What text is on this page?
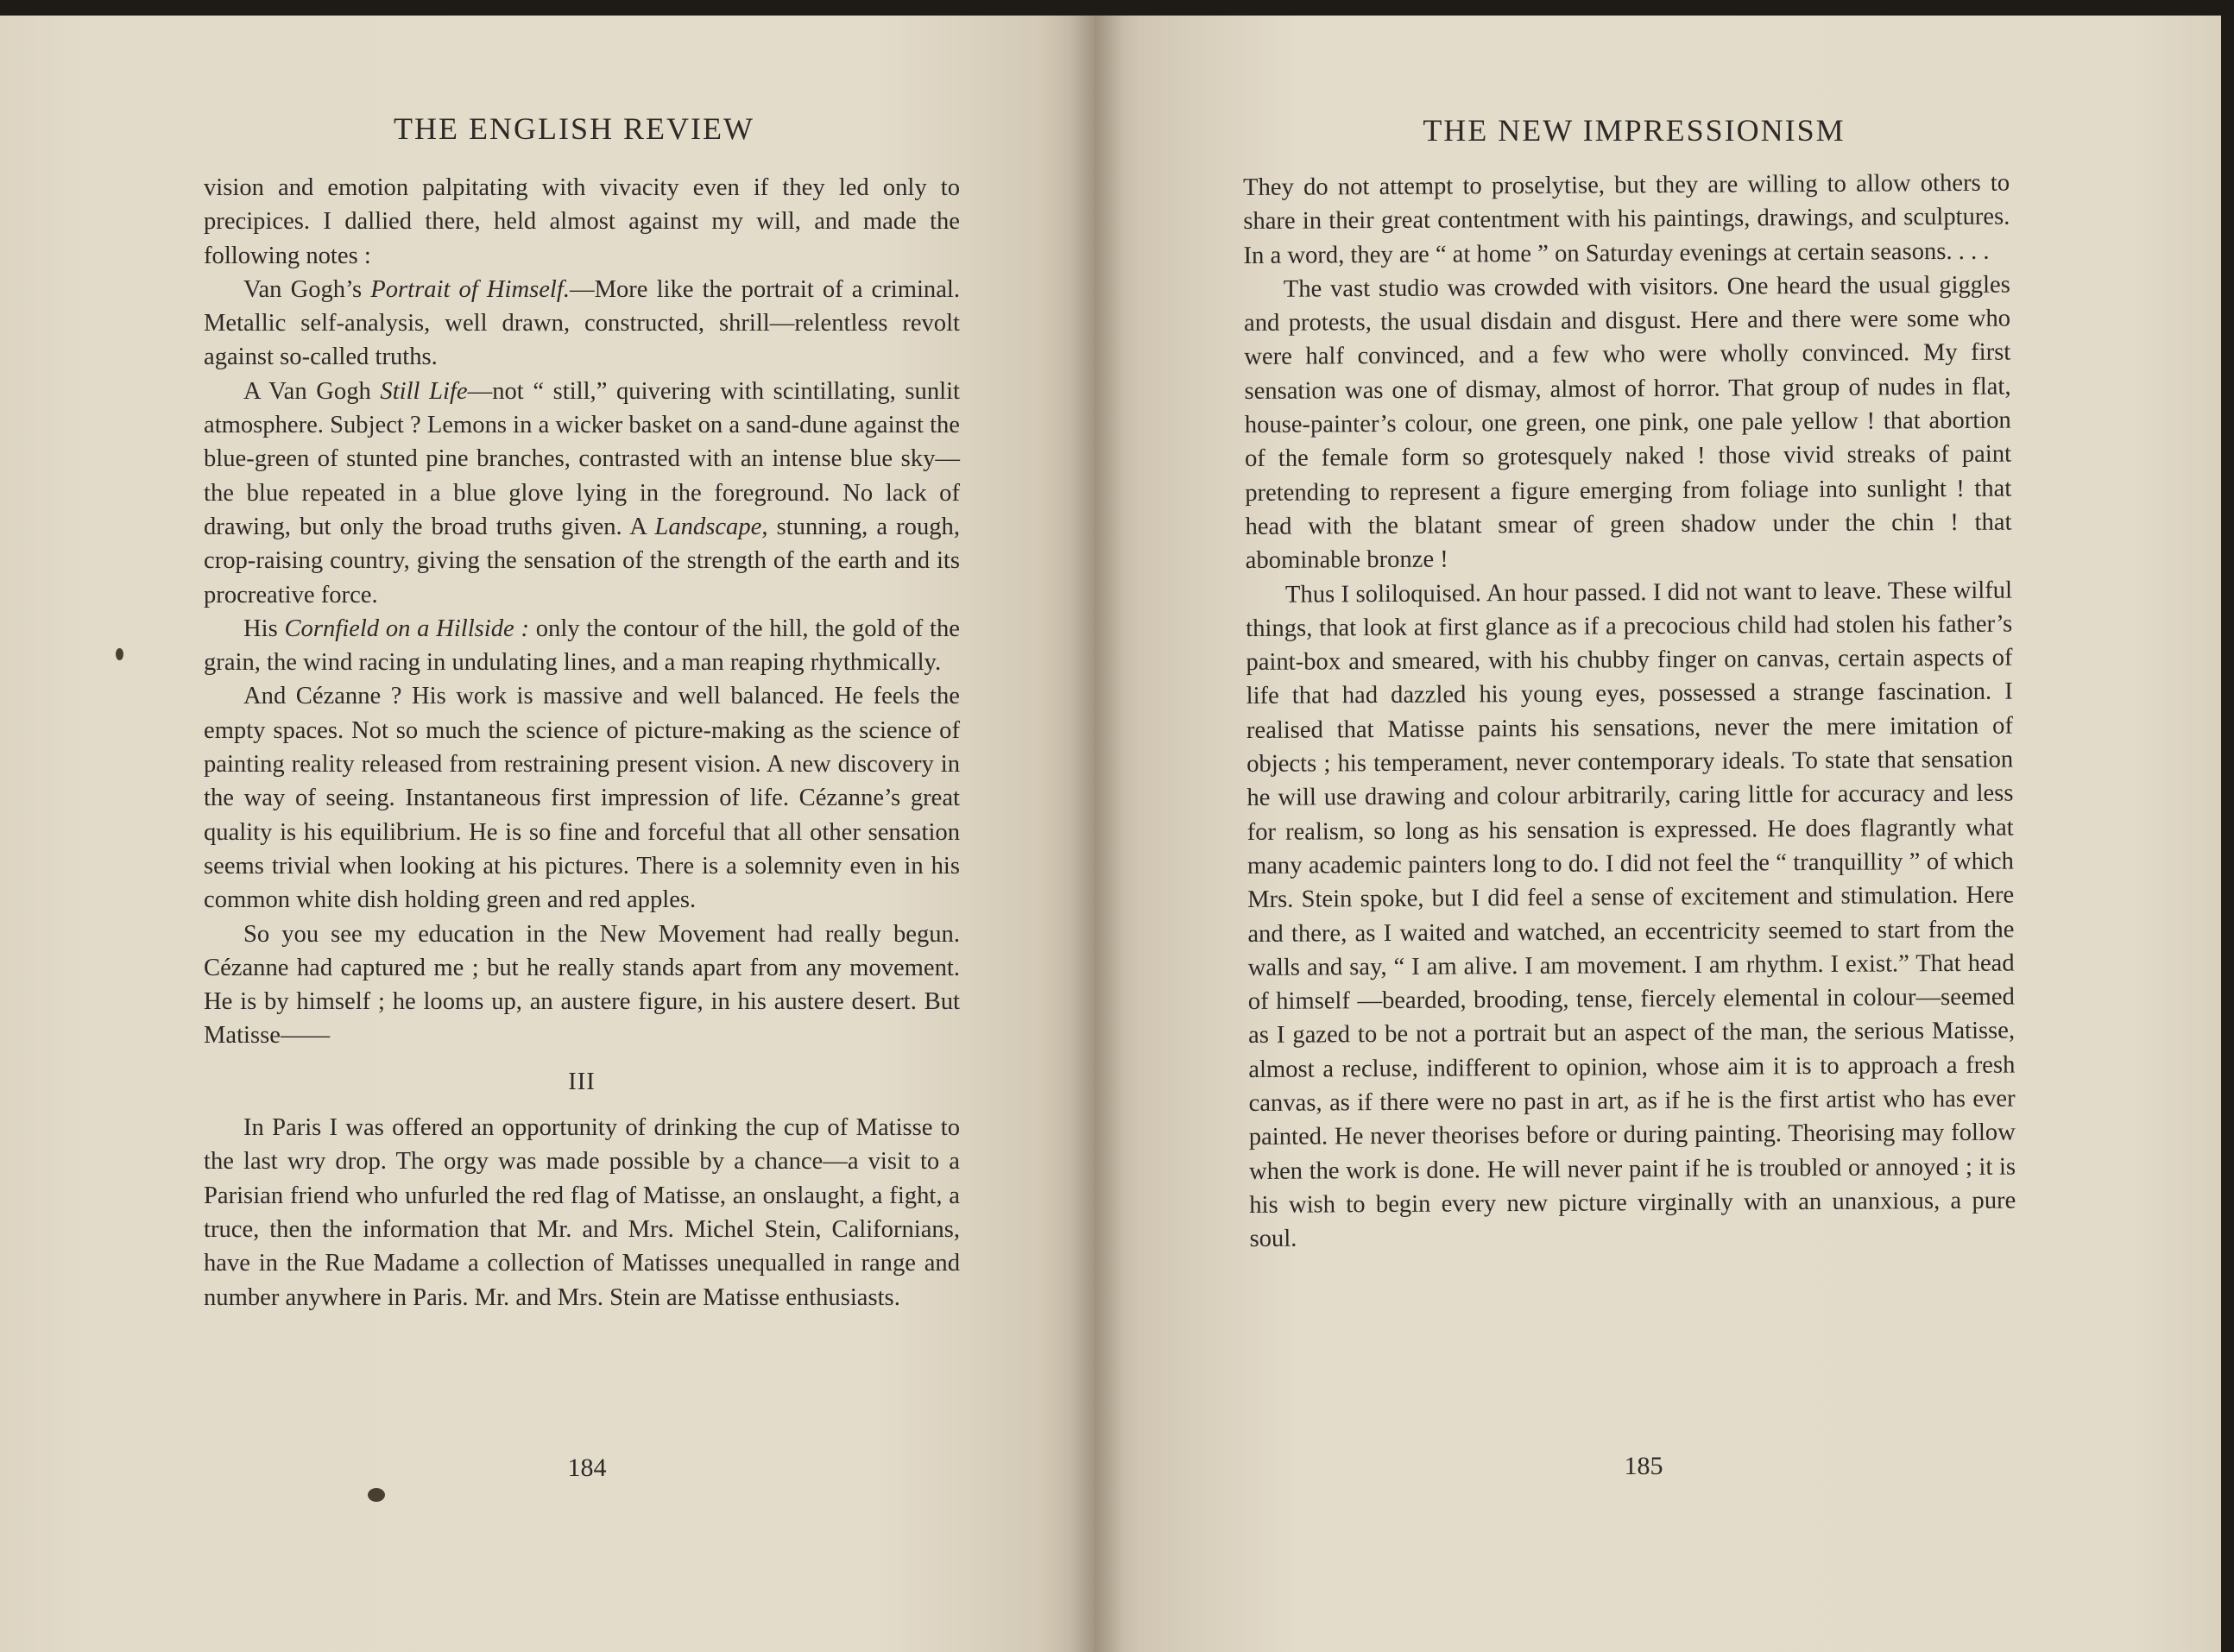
THE ENGLISH REVIEW

vision and emotion palpitating with vivacity even if they led only to precipices. I dallied there, held almost against my will, and made the following notes :

Van Gogh’s Portrait of Himself.—More like the portrait of a criminal. Metallic self-analysis, well drawn, constructed, shrill—relentless revolt against so-called truths.

A Van Gogh Still Life—not “ still,” quivering with scintillating, sunlit atmosphere. Subject ? Lemons in a wicker basket on a sand-dune against the blue-green of stunted pine branches, contrasted with an intense blue sky—the blue repeated in a blue glove lying in the foreground. No lack of drawing, but only the broad truths given. A Landscape, stunning, a rough, crop-raising country, giving the sensation of the strength of the earth and its procreative force.

His Cornfield on a Hillside : only the contour of the hill, the gold of the grain, the wind racing in undulating lines, and a man reaping rhythmically.

And Cézanne ? His work is massive and well balanced. He feels the empty spaces. Not so much the science of picture-making as the science of painting reality released from restraining present vision. A new discovery in the way of seeing. Instantaneous first impression of life. Cézanne’s great quality is his equilibrium. He is so fine and forceful that all other sensation seems trivial when looking at his pictures. There is a solemnity even in his common white dish holding green and red apples.

So you see my education in the New Movement had really begun. Cézanne had captured me ; but he really stands apart from any movement. He is by himself ; he looms up, an austere figure, in his austere desert. But Matisse——

III

In Paris I was offered an opportunity of drinking the cup of Matisse to the last wry drop. The orgy was made possible by a chance—a visit to a Parisian friend who unfurled the red flag of Matisse, an onslaught, a fight, a truce, then the information that Mr. and Mrs. Michel Stein, Californians, have in the Rue Madame a collection of Matisses unequalled in range and number anywhere in Paris. Mr. and Mrs. Stein are Matisse enthusiasts.

184
THE NEW IMPRESSIONISM

They do not attempt to proselytise, but they are willing to allow others to share in their great contentment with his paintings, drawings, and sculptures. In a word, they are “ at home ” on Saturday evenings at certain seasons. . . .

The vast studio was crowded with visitors. One heard the usual giggles and protests, the usual disdain and disgust. Here and there were some who were half convinced, and a few who were wholly convinced. My first sensation was one of dismay, almost of horror. That group of nudes in flat, house-painter’s colour, one green, one pink, one pale yellow ! that abortion of the female form so grotesquely naked ! those vivid streaks of paint pretending to represent a figure emerging from foliage into sunlight ! that head with the blatant smear of green shadow under the chin ! that abominable bronze !

Thus I soliloquised. An hour passed. I did not want to leave. These wilful things, that look at first glance as if a precocious child had stolen his father’s paint-box and smeared, with his chubby finger on canvas, certain aspects of life that had dazzled his young eyes, possessed a strange fascination. I realised that Matisse paints his sensations, never the mere imitation of objects ; his temperament, never contemporary ideals. To state that sensation he will use drawing and colour arbitrarily, caring little for accuracy and less for realism, so long as his sensation is expressed. He does flagrantly what many academic painters long to do. I did not feel the “ tranquillity ” of which Mrs. Stein spoke, but I did feel a sense of excitement and stimulation. Here and there, as I waited and watched, an eccentricity seemed to start from the walls and say, “ I am alive. I am movement. I am rhythm. I exist.” That head of himself —bearded, brooding, tense, fiercely elemental in colour—seemed as I gazed to be not a portrait but an aspect of the man, the serious Matisse, almost a recluse, indifferent to opinion, whose aim it is to approach a fresh canvas, as if there were no past in art, as if he is the first artist who has ever painted. He never theorises before or during painting. Theorising may follow when the work is done. He will never paint if he is troubled or annoyed ; it is his wish to begin every new picture virginally with an unanxious, a pure soul.

185
